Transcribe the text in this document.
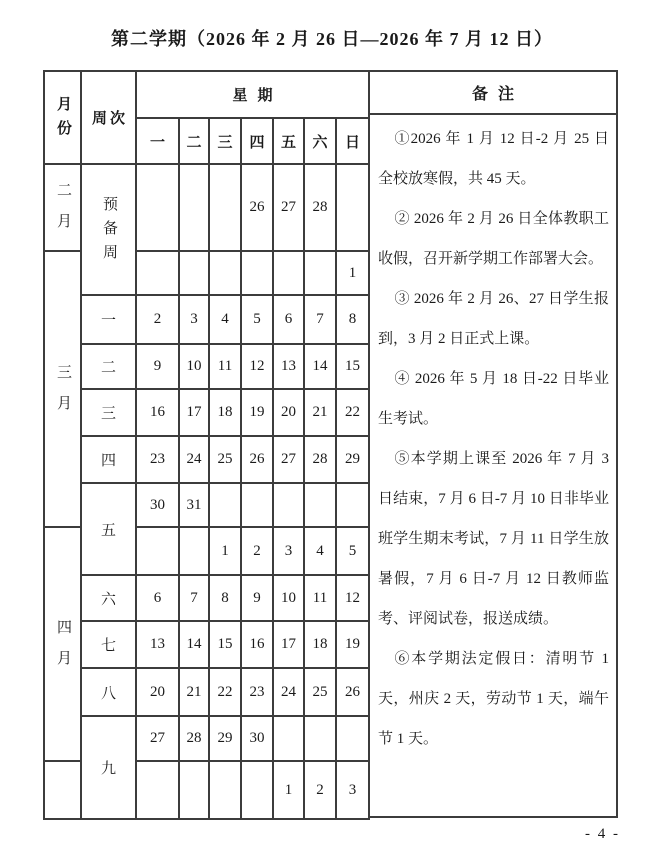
第二学期（2026 年 2 月 26 日—2026 年 7 月 12 日）
月份	周次	星期						
		一	二	三	四	五	六	日
二月	预备周				26	27	28	
三月								1
	一	2	3	4	5	6	7	8
	二	9	10	11	12	13	14	15
	三	16	17	18	19	20	21	22
	四	23	24	25	26	27	28	29
	五	30	31					
四月				1	2	3	4	5
	六	6	7	8	9	10	11	12
	七	13	14	15	16	17	18	19
	八	20	21	22	23	24	25	26
	九	27	28	29	30			
						1	2	3
备注

①2026 年 1 月 12 日-2 月 25 日全校放寒假，共 45 天。

② 2026 年 2 月 26 日全体教职工收假，召开新学期工作部署大会。

③ 2026 年 2 月 26、27 日学生报到，3 月 2 日正式上课。

④ 2026 年 5 月 18 日-22 日毕业生考试。

⑤本学期上课至 2026 年 7 月 3 日结束，7 月 6 日-7 月 10 日非毕业班学生期末考试，7 月 11 日学生放暑假，7 月 6 日-7 月 12 日教师监考、评阅试卷，报送成绩。

⑥本学期法定假日：清明节 1 天，州庆 2 天，劳动节 1 天，端午节 1 天。

- 4 -
